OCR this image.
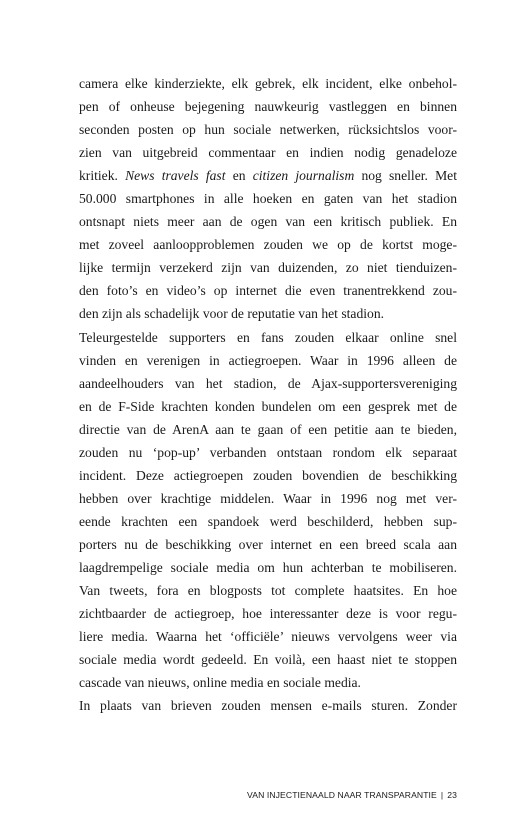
camera elke kinderziekte, elk gebrek, elk incident, elke onbehol-
pen of onheuse bejegening nauwkeurig vastleggen en binnen
seconden posten op hun sociale netwerken, rücksichtslos voor-
zien van uitgebreid commentaar en indien nodig genadeloze
kritiek. News travels fast en citizen journalism nog sneller. Met
50.000 smartphones in alle hoeken en gaten van het stadion
ontsnapt niets meer aan de ogen van een kritisch publiek. En
met zoveel aanloopproblemen zouden we op de kortst moge-
lijke termijn verzekerd zijn van duizenden, zo niet tienduizen-
den foto’s en video’s op internet die even tranentrekkend zou-
den zijn als schadelijk voor de reputatie van het stadion.
Teleurgestelde supporters en fans zouden elkaar online snel
vinden en verenigen in actiegroepen. Waar in 1996 alleen de
aandeelhouders van het stadion, de Ajax-supportersvereniging
en de F-Side krachten konden bundelen om een gesprek met de
directie van de ArenA aan te gaan of een petitie aan te bieden,
zouden nu ‘pop-up’ verbanden ontstaan rondom elk separaat
incident. Deze actiegroepen zouden bovendien de beschikking
hebben over krachtige middelen. Waar in 1996 nog met ver-
eende krachten een spandoek werd beschilderd, hebben sup-
porters nu de beschikking over internet en een breed scala aan
laagdrempelige sociale media om hun achterban te mobiliseren.
Van tweets, fora en blogposts tot complete haatsites. En hoe
zichtbaarder de actiegroep, hoe interessanter deze is voor regu-
liere media. Waarna het ‘officiële’ nieuws vervolgens weer via
sociale media wordt gedeeld. En voilà, een haast niet te stoppen
cascade van nieuws, online media en sociale media.
In plaats van brieven zouden mensen e-mails sturen. Zonder
VAN INJECTIENAALD NAAR TRANSPARANTIE | 23
